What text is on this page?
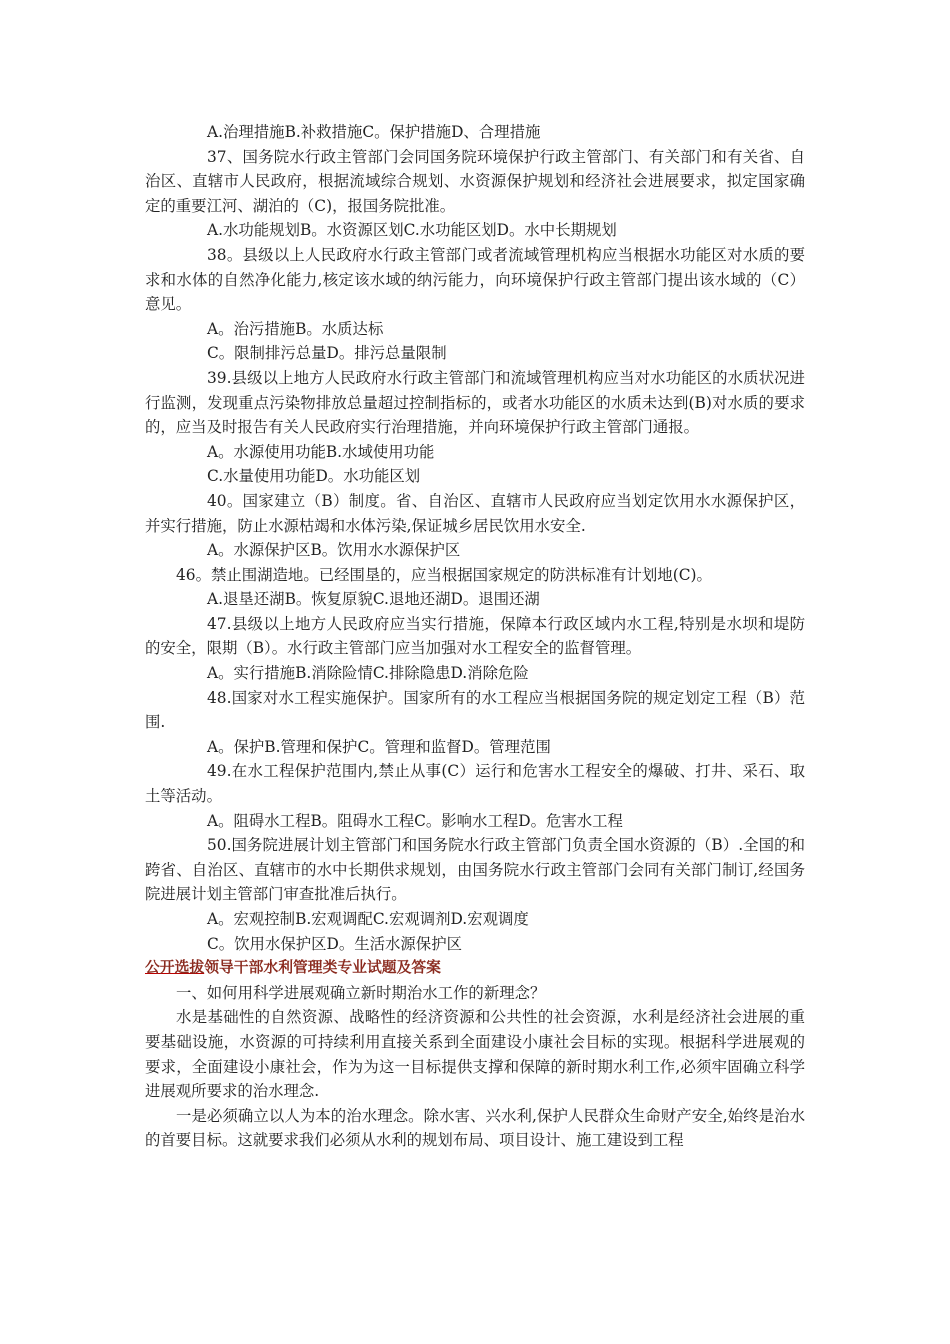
A.治理措施B.补救措施C。保护措施D、合理措施

37、国务院水行政主管部门会同国务院环境保护行政主管部门、有关部门和有关省、自治区、直辖市人民政府，根据流域综合规划、水资源保护规划和经济社会进展要求，拟定国家确定的重要江河、湖泊的（C)，报国务院批准。

A.水功能规划B。水资源区划C.水功能区划D。水中长期规划

38。县级以上人民政府水行政主管部门或者流域管理机构应当根据水功能区对水质的要求和水体的自然净化能力,核定该水域的纳污能力，向环境保护行政主管部门提出该水域的（C）意见。

A。治污措施B。水质达标

C。限制排污总量D。排污总量限制

39.县级以上地方人民政府水行政主管部门和流域管理机构应当对水功能区的水质状况进行监测，发现重点污染物排放总量超过控制指标的，或者水功能区的水质未达到(B)对水质的要求的，应当及时报告有关人民政府实行治理措施，并向环境保护行政主管部门通报。

A。水源使用功能B.水域使用功能

C.水量使用功能D。水功能区划

40。国家建立（B）制度。省、自治区、直辖市人民政府应当划定饮用水水源保护区，并实行措施，防止水源枯竭和水体污染,保证城乡居民饮用水安全.

A。水源保护区B。饮用水水源保护区

46。禁止围湖造地。已经围垦的，应当根据国家规定的防洪标准有计划地(C)。

A.退垦还湖B。恢复原貌C.退地还湖D。退围还湖

47.县级以上地方人民政府应当实行措施，保障本行政区域内水工程,特别是水坝和堤防的安全，限期（B）。水行政主管部门应当加强对水工程安全的监督管理。

A。实行措施B.消除险情C.排除隐患D.消除危险

48.国家对水工程实施保护。国家所有的水工程应当根据国务院的规定划定工程（B）范围.

A。保护B.管理和保护C。管理和监督D。管理范围

49.在水工程保护范围内,禁止从事(C）运行和危害水工程安全的爆破、打井、采石、取土等活动。

A。阻碍水工程B。阻碍水工程C。影响水工程D。危害水工程

50.国务院进展计划主管部门和国务院水行政主管部门负责全国水资源的（B）.全国的和跨省、自治区、直辖市的水中长期供求规划，由国务院水行政主管部门会同有关部门制订,经国务院进展计划主管部门审查批准后执行。

A。宏观控制B.宏观调配C.宏观调剂D.宏观调度

C。饮用水保护区D。生活水源保护区

公开选拔领导干部水利管理类专业试题及答案

一、如何用科学进展观确立新时期治水工作的新理念？

水是基础性的自然资源、战略性的经济资源和公共性的社会资源，水利是经济社会进展的重要基础设施，水资源的可持续利用直接关系到全面建设小康社会目标的实现。根据科学进展观的要求，全面建设小康社会，作为为这一目标提供支撑和保障的新时期水利工作,必须牢固确立科学进展观所要求的治水理念.

一是必须确立以人为本的治水理念。除水害、兴水利,保护人民群众生命财产安全,始终是治水的首要目标。这就要求我们必须从水利的规划布局、项目设计、施工建设到工程
